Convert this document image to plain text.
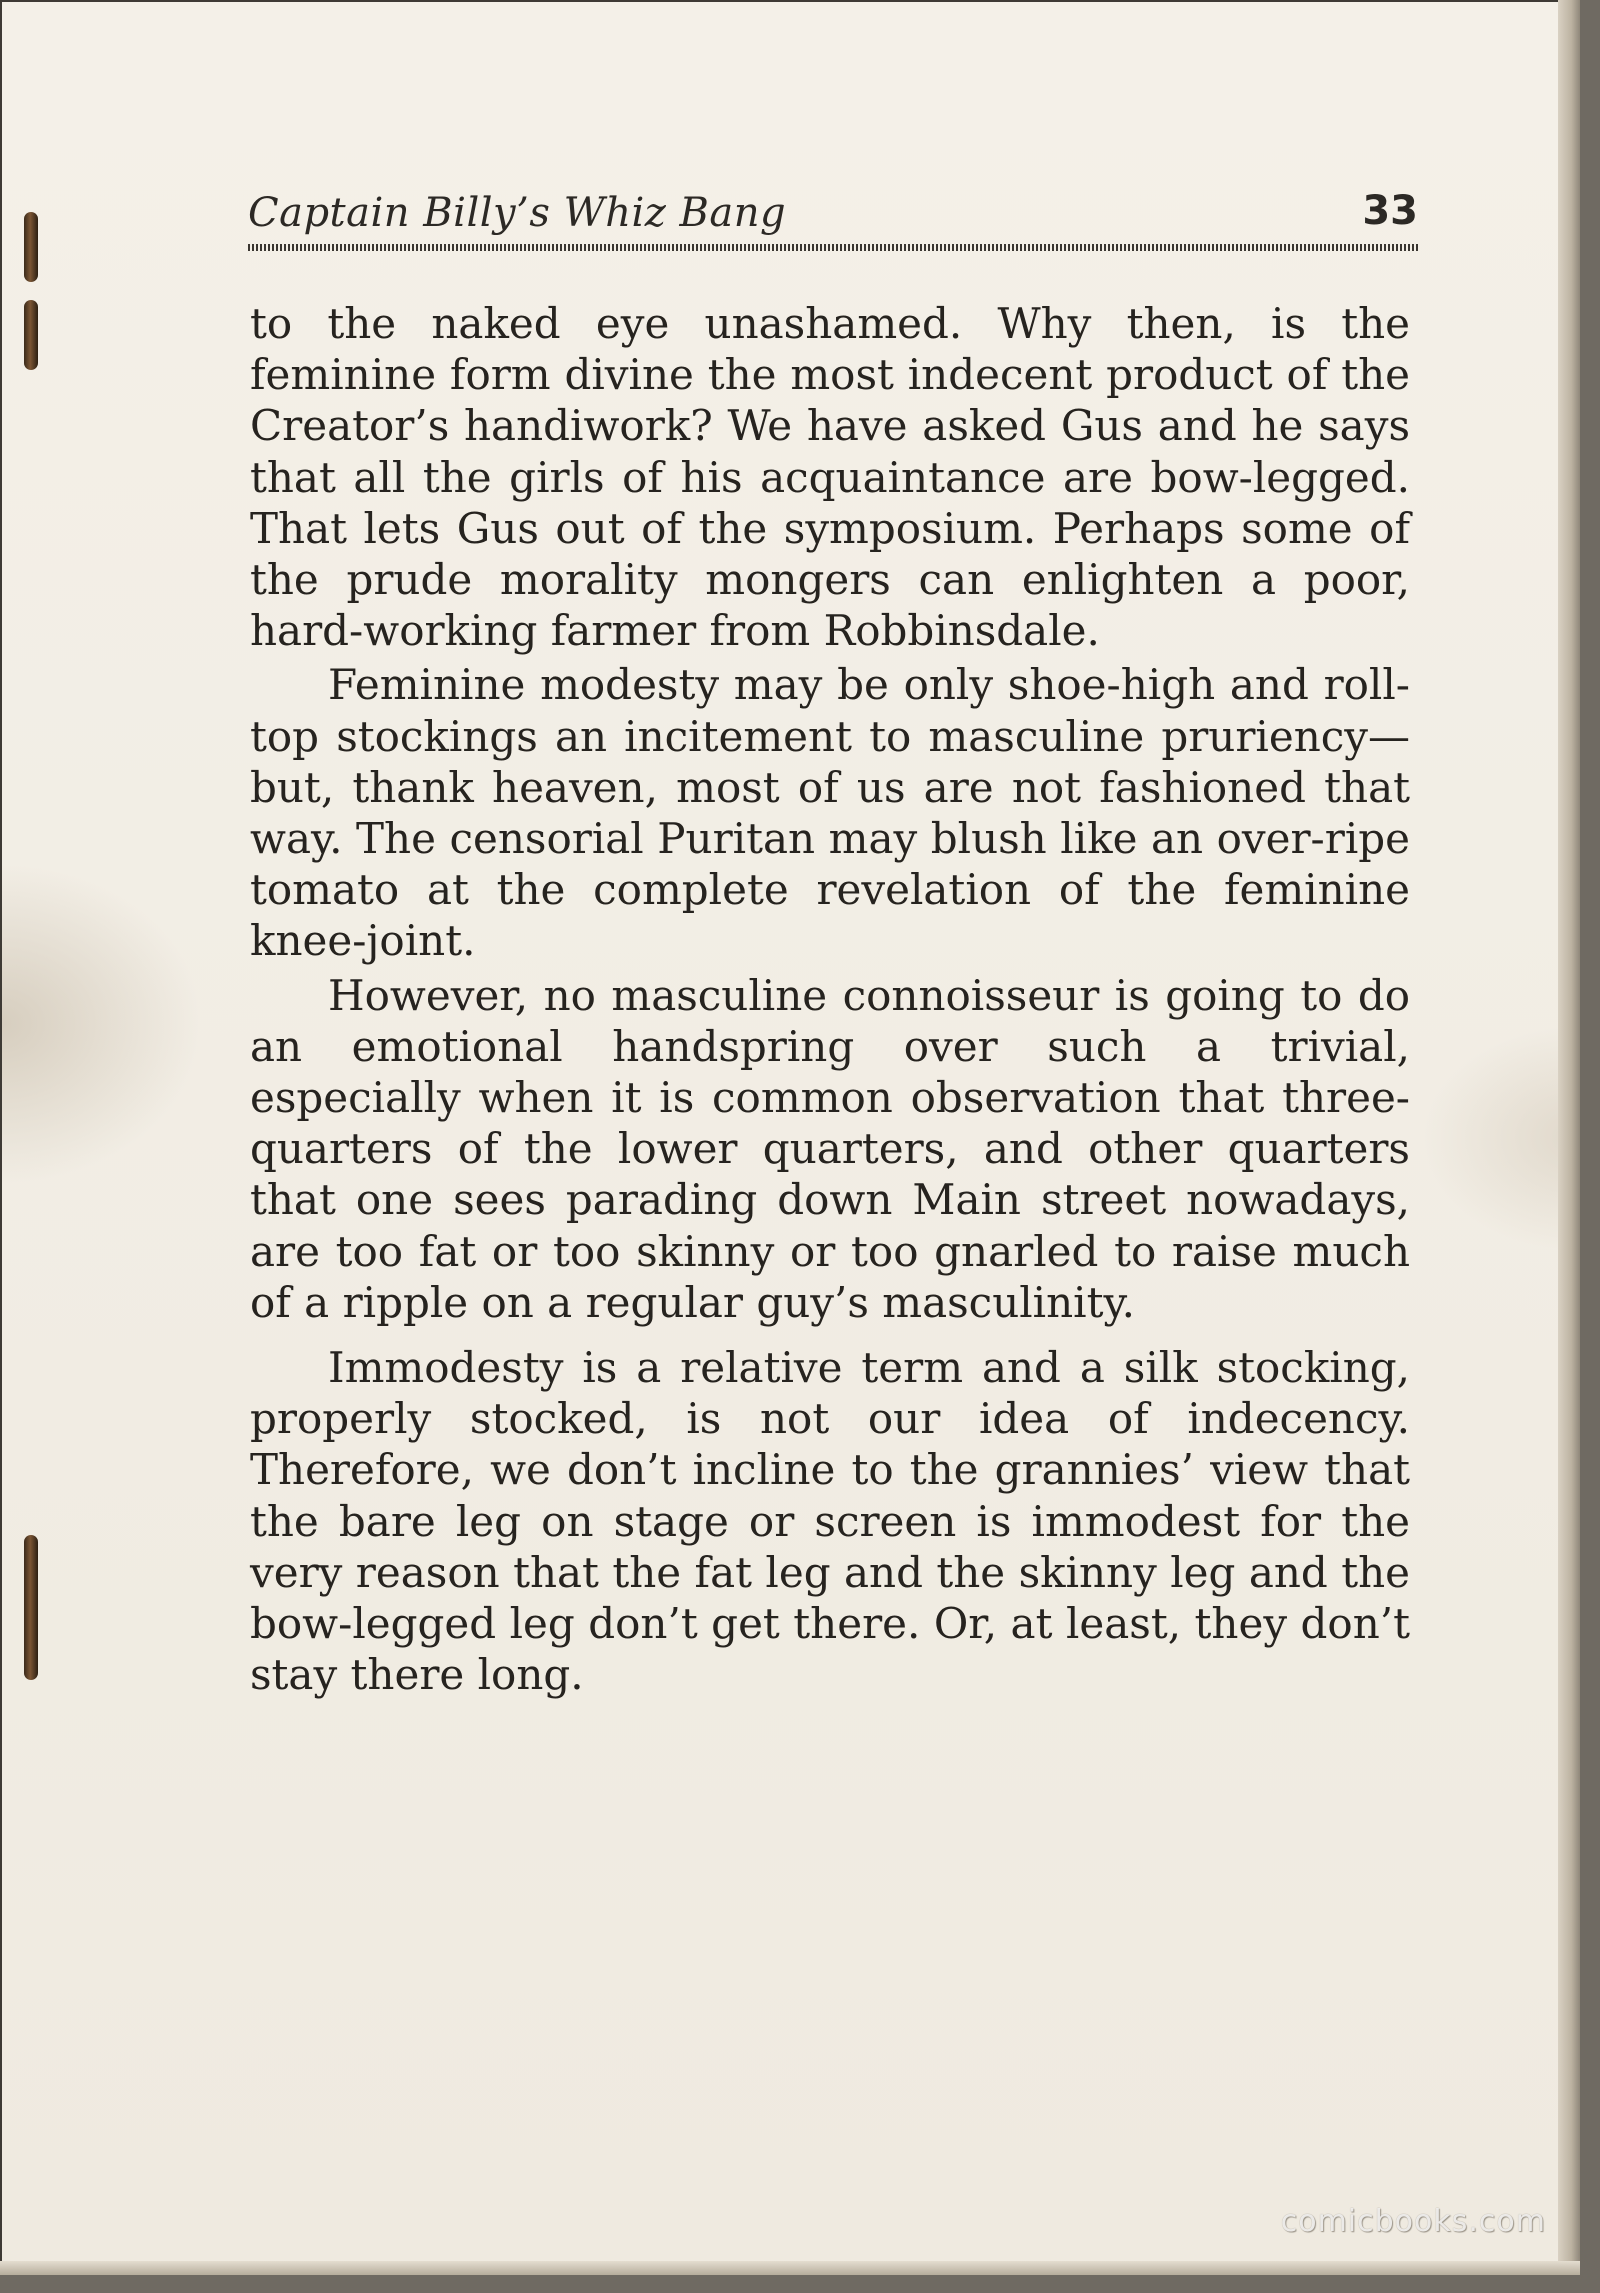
Captain Billy’s Whiz Bang	33

to the naked eye unashamed. Why then, is the feminine form divine the most indecent product of the Creator’s handiwork? We have asked Gus and he says that all the girls of his acquaintance are bow-legged. That lets Gus out of the symposium. Perhaps some of the prude morality mongers can enlighten a poor, hard-working farmer from Robbinsdale.

Feminine modesty may be only shoe-high and roll-top stockings an incitement to masculine pruriency—but, thank heaven, most of us are not fashioned that way. The censorial Puritan may blush like an over-ripe tomato at the complete revelation of the feminine knee-joint.

However, no masculine connoisseur is going to do an emotional handspring over such a trivial, especially when it is common observation that three-quarters of the lower quarters, and other quarters that one sees parading down Main street nowadays, are too fat or too skinny or too gnarled to raise much of a ripple on a regular guy’s masculinity.

Immodesty is a relative term and a silk stocking, properly stocked, is not our idea of indecency. Therefore, we don’t incline to the grannies’ view that the bare leg on stage or screen is immodest for the very reason that the fat leg and the skinny leg and the bow-legged leg don’t get there. Or, at least, they don’t stay there long.

comicbooks.com
